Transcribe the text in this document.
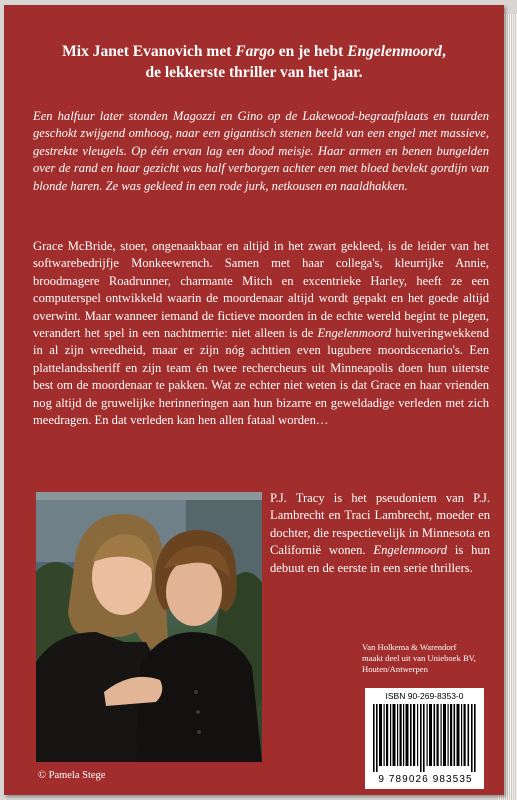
Mix Janet Evanovich met Fargo en je hebt Engelenmoord,
de lekkerste thriller van het jaar.
Een halfuur later stonden Magozzi en Gino op de Lakewood-begraafplaats en tuurden geschokt zwijgend omhoog, naar een gigantisch stenen beeld van een engel met massieve, gestrekte vleugels. Op één ervan lag een dood meisje. Haar armen en benen bungelden over de rand en haar gezicht was half verborgen achter een met bloed bevlekt gordijn van blonde haren. Ze was gekleed in een rode jurk, netkousen en naaldhakken.
Grace McBride, stoer, ongenaakbaar en altijd in het zwart gekleed, is de leider van het softwarebedrijfje Monkeewrench. Samen met haar collega's, kleurrijke Annie, broodmagere Roadrunner, charmante Mitch en excentrieke Harley, heeft ze een computerspel ontwikkeld waarin de moordenaar altijd wordt gepakt en het goede altijd overwint. Maar wanneer iemand de fictieve moorden in de echte wereld begint te plegen, verandert het spel in een nachtmerrie: niet alleen is de Engelenmoord huiveringwekkend in al zijn wreedheid, maar er zijn nóg achttien even lugubere moordscenario's. Een plattelandssheriff en zijn team én twee rechercheurs uit Minneapolis doen hun uiterste best om de moordenaar te pakken. Wat ze echter niet weten is dat Grace en haar vrienden nog altijd de gruwelijke herinneringen aan hun bizarre en geweldadige verleden met zich meedragen. En dat verleden kan hen allen fataal worden…
© Pamela Stege
P.J. Tracy is het pseudoniem van P.J. Lambrecht en Traci Lambrecht, moeder en dochter, die respectievelijk in Minnesota en Californië wonen. Engelenmoord is hun debuut en de eerste in een serie thrillers.
Van Holkema & Warendorf
maakt deel uit van Unieboek BV,
Houten/Antwerpen
ISBN 90-269-8353-0
9 789026 983535
